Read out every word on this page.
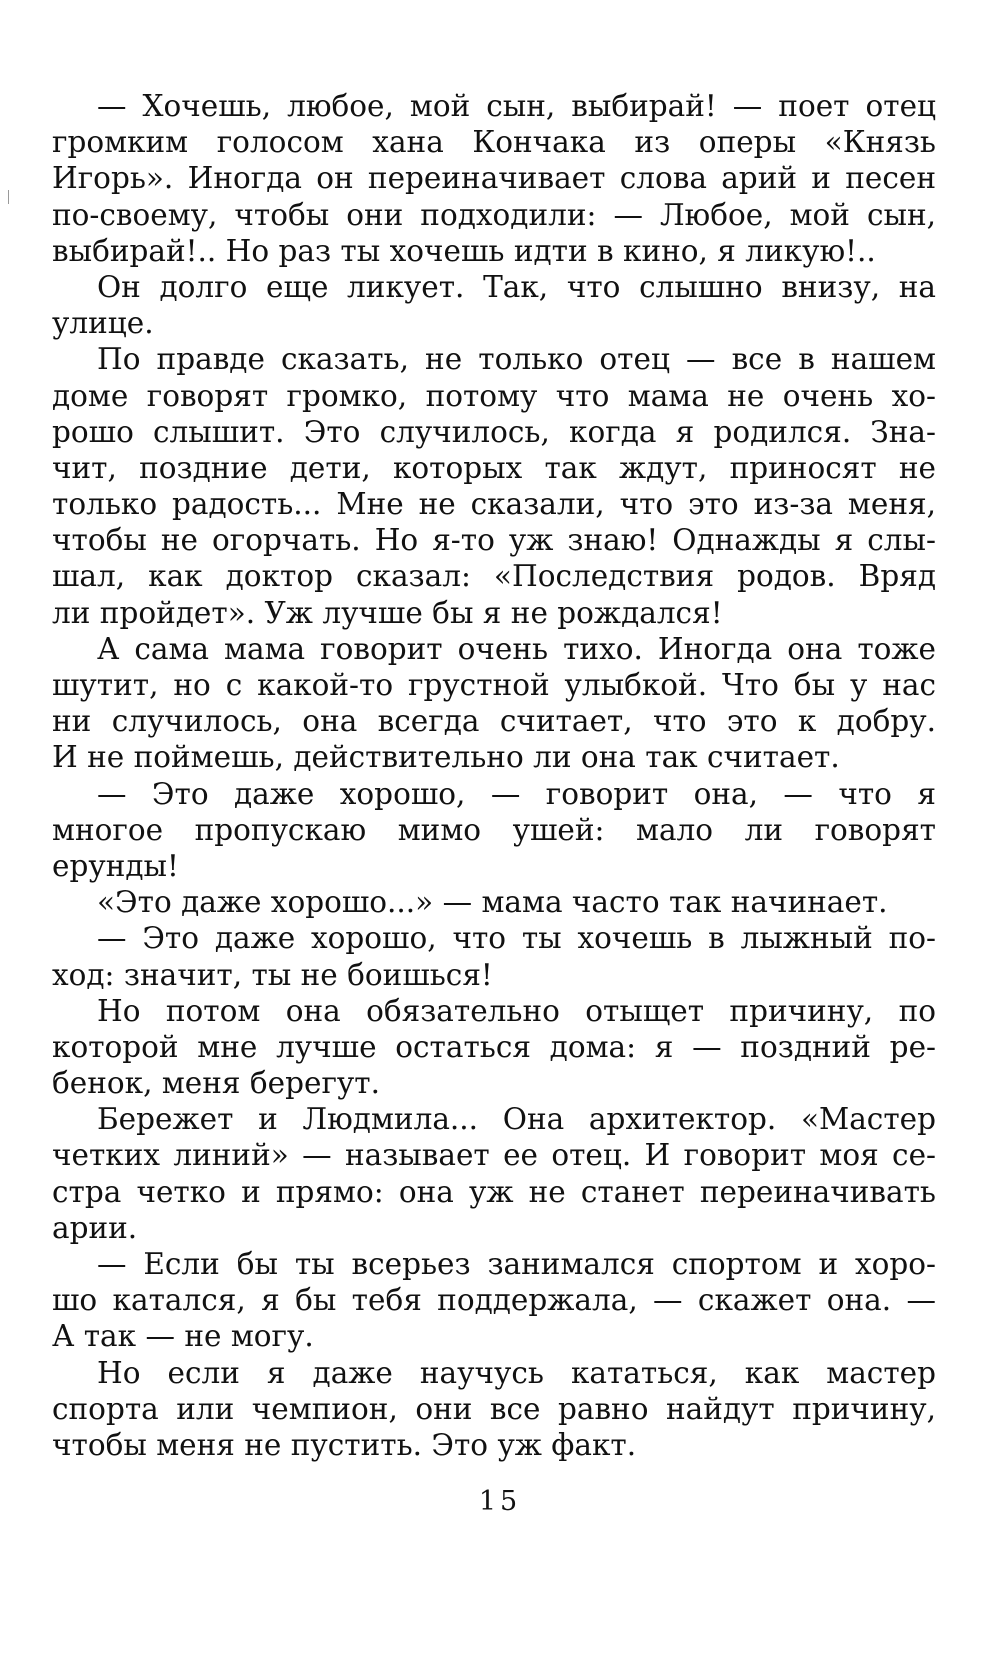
— Хочешь, любое, мой сын, выбирай! — поет отец
громким голосом хана Кончака из оперы «Князь
Игорь». Иногда он переиначивает слова арий и песен
по-своему, чтобы они подходили: — Любое, мой сын,
выбирай!.. Но раз ты хочешь идти в кино, я ликую!..
Он долго еще ликует. Так, что слышно внизу, на
улице.
По правде сказать, не только отец — все в нашем
доме говорят громко, потому что мама не очень хо-
рошо слышит. Это случилось, когда я родился. Зна-
чит, поздние дети, которых так ждут, приносят не
только радость... Мне не сказали, что это из-за меня,
чтобы не огорчать. Но я-то уж знаю! Однажды я слы-
шал, как доктор сказал: «Последствия родов. Вряд
ли пройдет». Уж лучше бы я не рождался!
А сама мама говорит очень тихо. Иногда она тоже
шутит, но с какой-то грустной улыбкой. Что бы у нас
ни случилось, она всегда считает, что это к добру.
И не поймешь, действительно ли она так считает.
— Это даже хорошо, — говорит она, — что я
многое пропускаю мимо ушей: мало ли говорят
ерунды!
«Это даже хорошо...» — мама часто так начинает.
— Это даже хорошо, что ты хочешь в лыжный по-
ход: значит, ты не боишься!
Но потом она обязательно отыщет причину, по
которой мне лучше остаться дома: я — поздний ре-
бенок, меня берегут.
Бережет и Людмила... Она архитектор. «Мастер
четких линий» — называет ее отец. И говорит моя се-
стра четко и прямо: она уж не станет переиначивать
арии.
— Если бы ты всерьез занимался спортом и хоро-
шо катался, я бы тебя поддержала, — скажет она. —
А так — не могу.
Но если я даже научусь кататься, как мастер
спорта или чемпион, они все равно найдут причину,
чтобы меня не пустить. Это уж факт.
15
